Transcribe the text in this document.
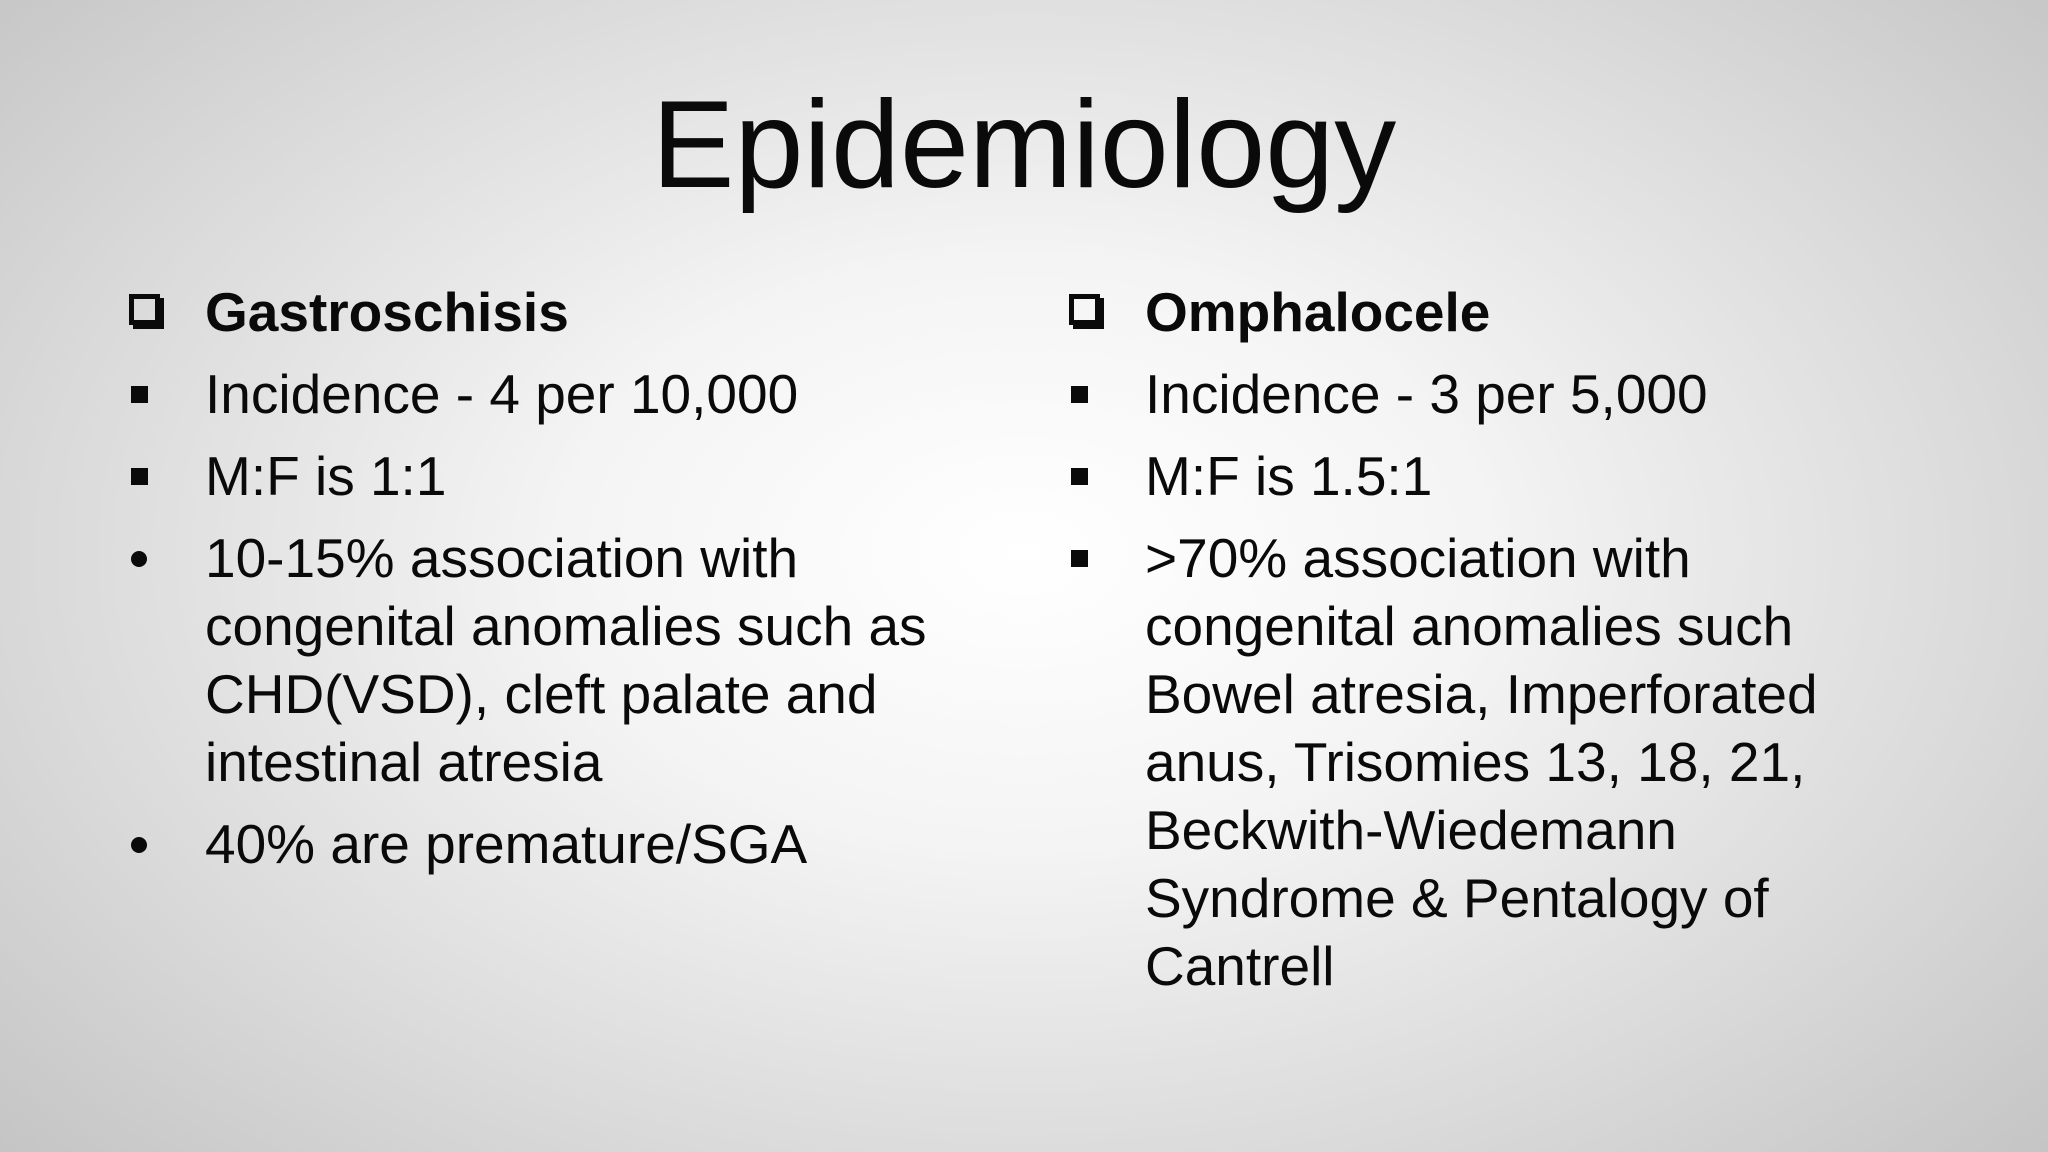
Epidemiology
Gastroschisis
Incidence - 4 per 10,000
M:F is 1:1
10-15% association with congenital anomalies such as CHD(VSD), cleft palate and intestinal atresia
40% are premature/SGA
Omphalocele
Incidence - 3 per 5,000
M:F is 1.5:1
>70% association with congenital anomalies such Bowel atresia, Imperforated anus, Trisomies 13, 18, 21, Beckwith-Wiedemann Syndrome & Pentalogy of Cantrell
